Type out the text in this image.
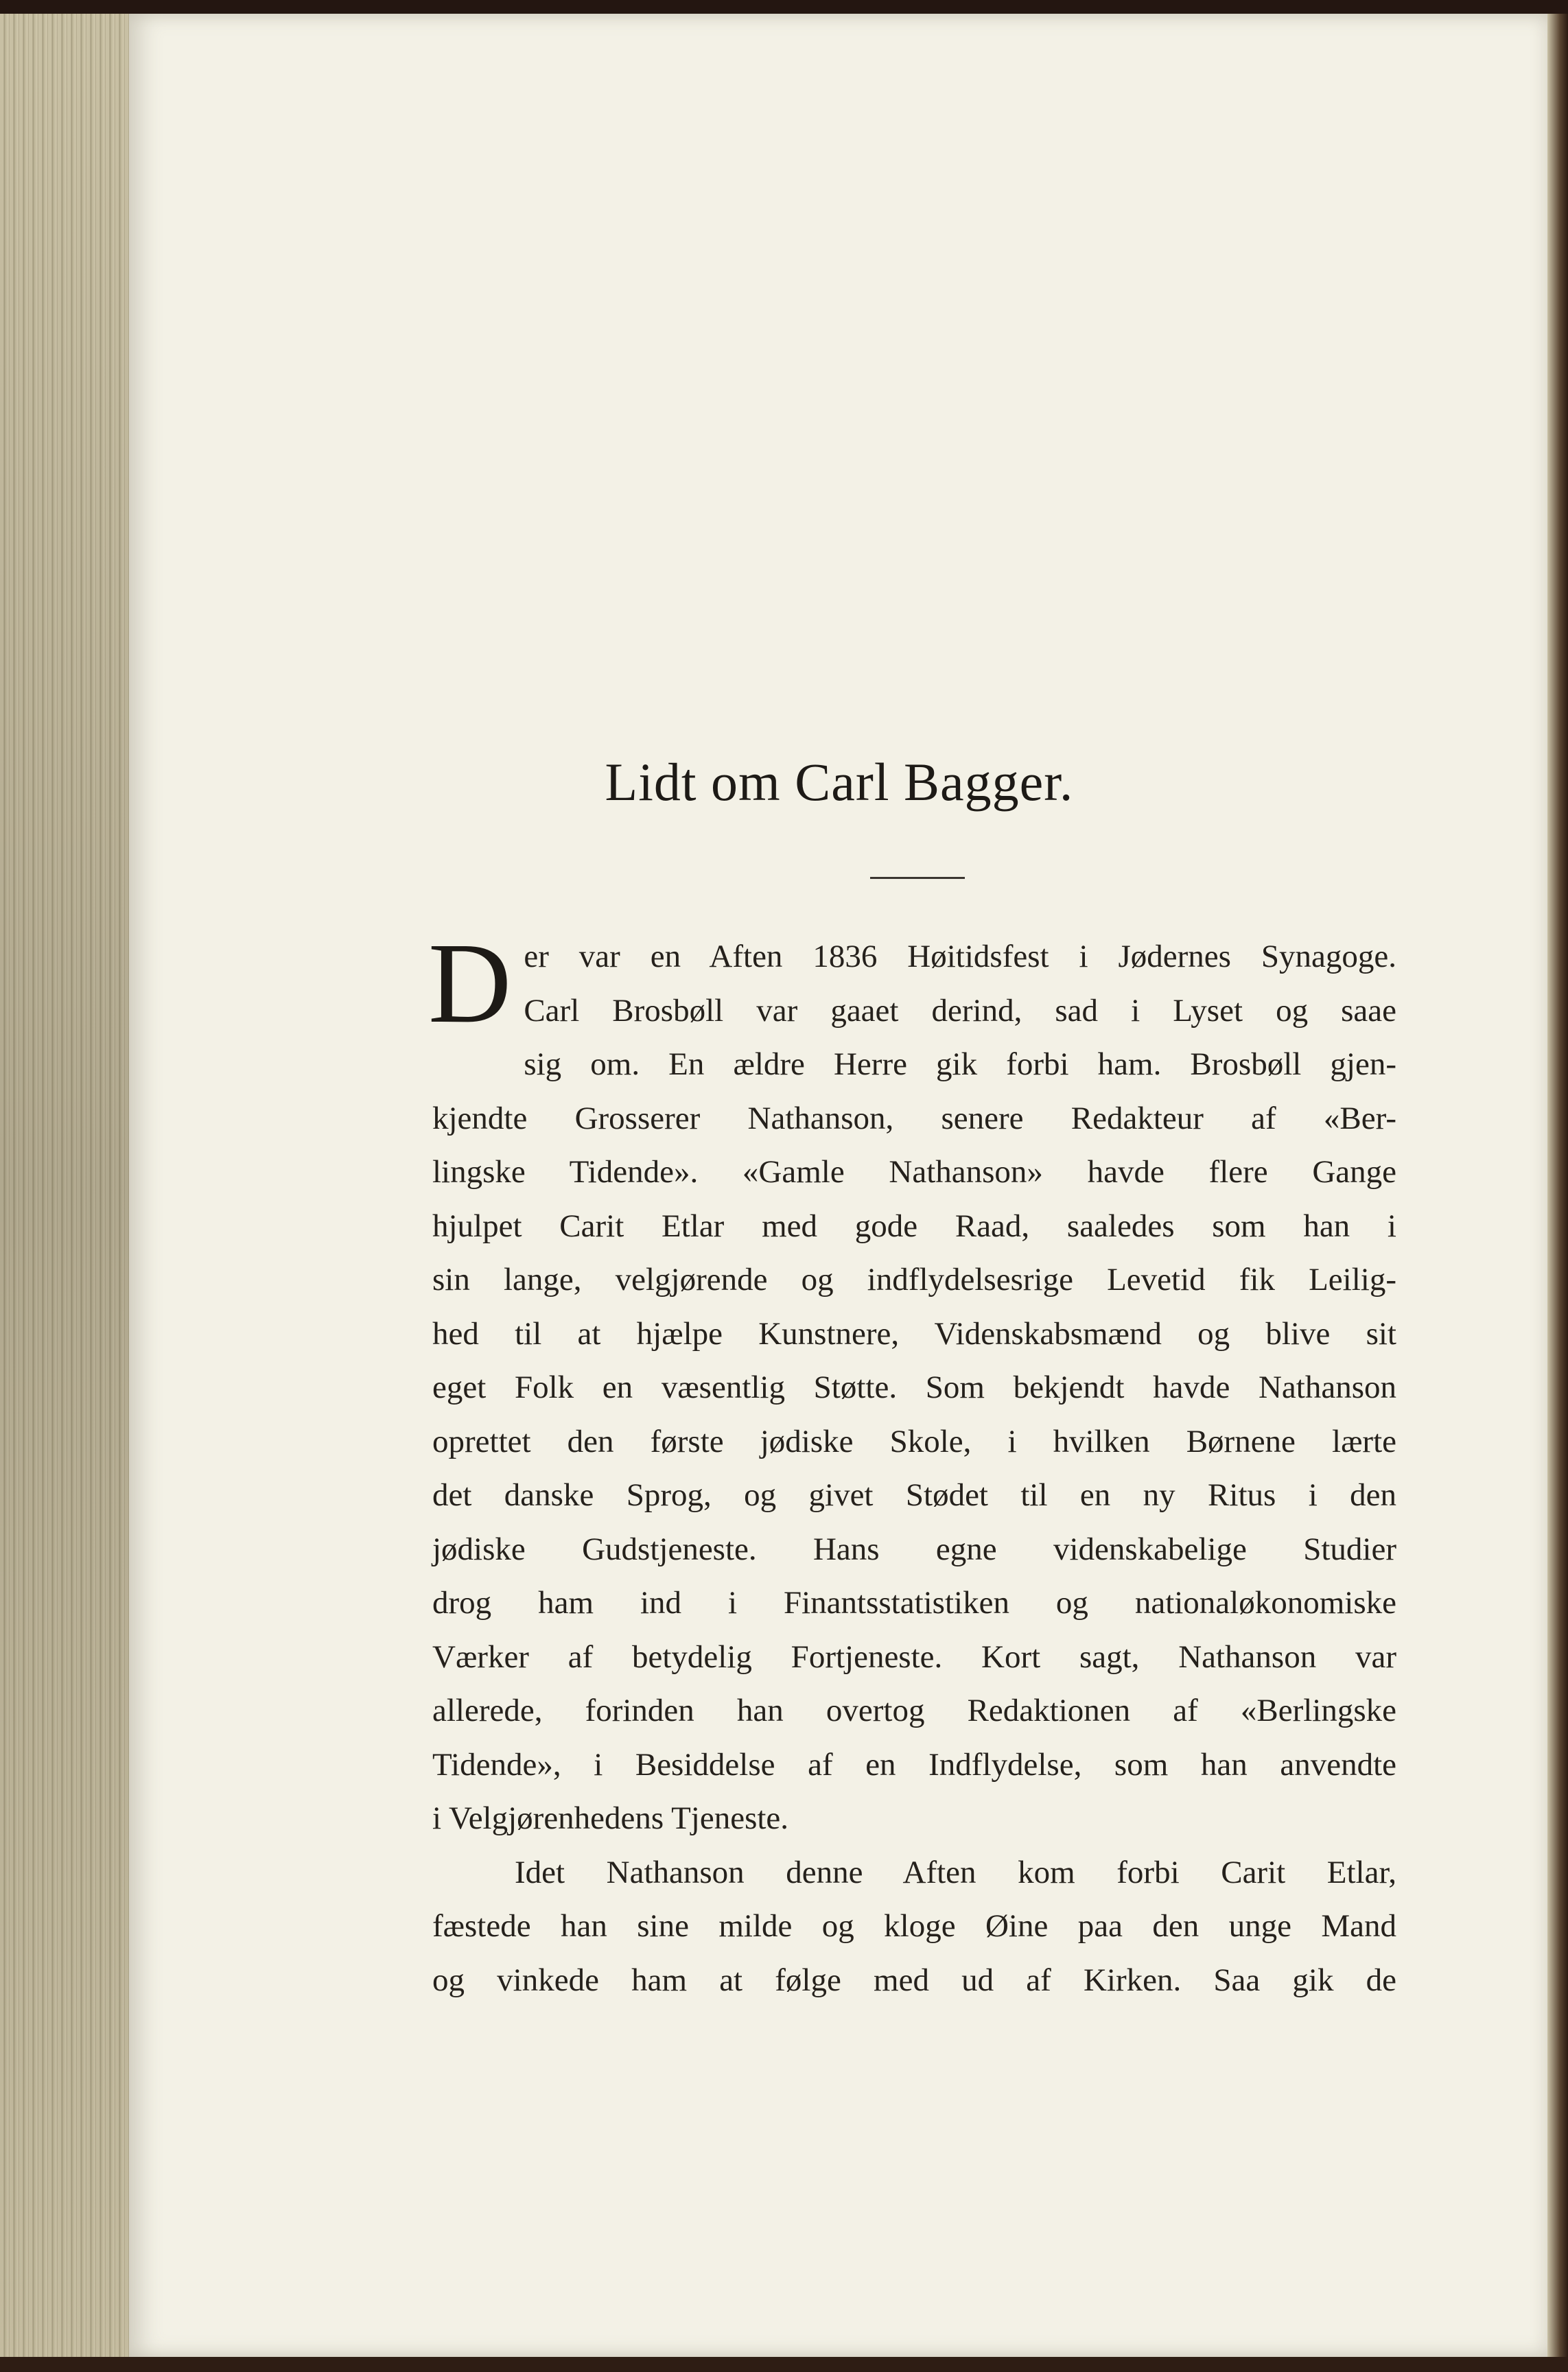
Lidt om Carl Bagger.
D er var en Aften 1836 Høitidsfest i Jødernes Synagoge.
Carl Brosbøll var gaaet derind, sad i Lyset og saae
sig om. En ældre Herre gik forbi ham. Brosbøll gjen-
kjendte Grosserer Nathanson, senere Redakteur af «Ber-
lingske Tidende». «Gamle Nathanson» havde flere Gange
hjulpet Carit Etlar med gode Raad, saaledes som han i
sin lange, velgjørende og indflydelsesrige Levetid fik Leilig-
hed til at hjælpe Kunstnere, Videnskabsmænd og blive sit
eget Folk en væsentlig Støtte. Som bekjendt havde Nathanson
oprettet den første jødiske Skole, i hvilken Børnene lærte
det danske Sprog, og givet Stødet til en ny Ritus i den
jødiske Gudstjeneste. Hans egne videnskabelige Studier
drog ham ind i Finantsstatistiken og nationaløkonomiske
Værker af betydelig Fortjeneste. Kort sagt, Nathanson var
allerede, forinden han overtog Redaktionen af «Berlingske
Tidende», i Besiddelse af en Indflydelse, som han anvendte
i Velgjørenhedens Tjeneste.
Idet Nathanson denne Aften kom forbi Carit Etlar,
fæstede han sine milde og kloge Øine paa den unge Mand
og vinkede ham at følge med ud af Kirken. Saa gik de
